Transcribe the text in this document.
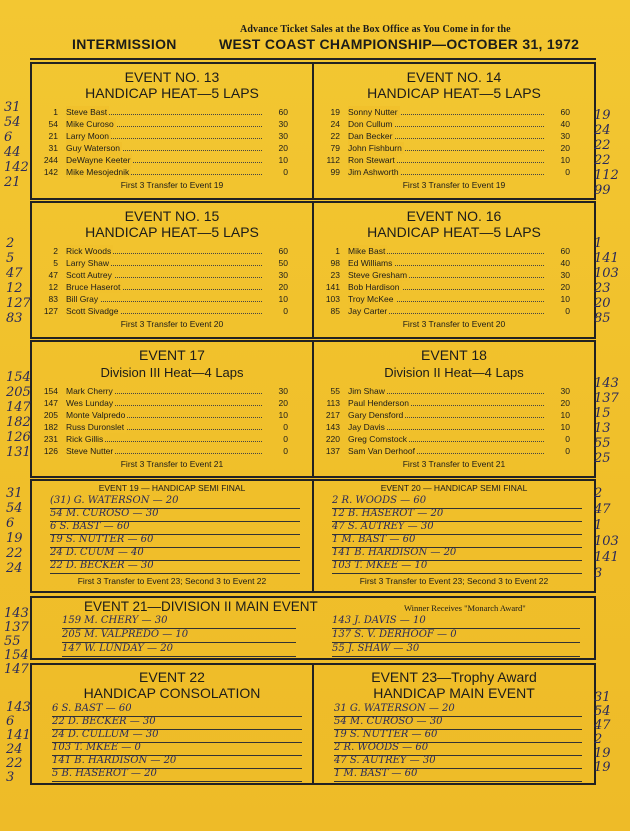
Advance Ticket Sales at the Box Office as You Come in for the
INTERMISSION	WEST COAST CHAMPIONSHIP—OCTOBER 31, 1972
EVENT NO. 13
HANDICAP HEAT—5 LAPS
1 Steve Bast	60
54 Mike Curoso	30
21 Larry Moon	30
31 Guy Waterson	20
244 DeWayne Keeter	10
142 Mike Mesojednik	0
First 3 Transfer to Event 19
EVENT NO. 14
HANDICAP HEAT—5 LAPS
19 Sonny Nutter	60
24 Don Cullum	40
22 Dan Becker	30
79 John Fishburn	20
112 Ron Stewart	10
99 Jim Ashworth	0
First 3 Transfer to Event 19
EVENT NO. 15
HANDICAP HEAT—5 LAPS
2 Rick Woods	60
5 Larry Shaw	50
47 Scott Autrey	30
12 Bruce Haserot	20
83 Bill Gray	10
127 Scott Sivadge	0
First 3 Transfer to Event 20
EVENT NO. 16
HANDICAP HEAT—5 LAPS
1 Mike Bast	60
98 Ed Williams	40
23 Steve Gresham	30
141 Bob Hardison	20
103 Troy McKee	10
85 Jay Carter	0
First 3 Transfer to Event 20
EVENT 17
Division III Heat—4 Laps
154 Mark Cherry	30
147 Wes Lunday	20
205 Monte Valpredo	10
182 Russ Duronslet	0
231 Rick Gillis	0
126 Steve Nutter	0
First 3 Transfer to Event 21
EVENT 18
Division II Heat—4 Laps
55 Jim Shaw	30
113 Paul Henderson	20
217 Gary Densford	10
143 Jay Davis	10
220 Greg Comstock	0
137 Sam Van Derhoof	0
First 3 Transfer to Event 21
EVENT 19 — HANDICAP SEMI FINAL
(31) G. WATERSON — 20
54 M. CUROSO — 30
6 S. BAST — 60
19 S. NUTTER — 60
24 D. CUUM — 40
22 D. BECKER — 30
First 3 Transfer to Event 23; Second 3 to Event 22
EVENT 20 — HANDICAP SEMI FINAL
2 R. WOODS — 60
12 B. HASEROT — 20
47 S. AUTREY — 30
1 M. BAST — 60
141 B. HARDISON — 20
103 T. MKEE — 10
First 3 Transfer to Event 23; Second 3 to Event 22
EVENT 21—DIVISION II MAIN EVENT	Winner Receives "Monarch Award"
159 M. CHERY — 30
205 M. VALPREDO — 10
147 W. LUNDAY — 20
143 J. DAVIS — 10
137 S. V. DERHOOF — 0
55 J. SHAW — 30
EVENT 22
HANDICAP CONSOLATION
6 S. BAST — 60
22 D. BECKER — 30
24 D. CULLUM — 30
103 T. MKEE — 0
141 B. HARDISON — 20
5 B. HASEROT — 20
EVENT 23—Trophy Award
HANDICAP MAIN EVENT
31 G. WATERSON — 20
54 M. CUROSO — 30
19 S. NUTTER — 60
2 R. WOODS — 60
47 S. AUTREY — 30
1 M. BAST — 60
31
54
6
44
142
21
19
24
22
22
112
99
2
5
47
12
127
83
1
141
103
23
20
85
154
205
147
182
126
131
143
137
15
13
55
25
31
54
6
19
22
24
2
47
1
103
141
3
143
137
55
154
147
143
6
141
24
22
3
31
54
47
2
19
19
